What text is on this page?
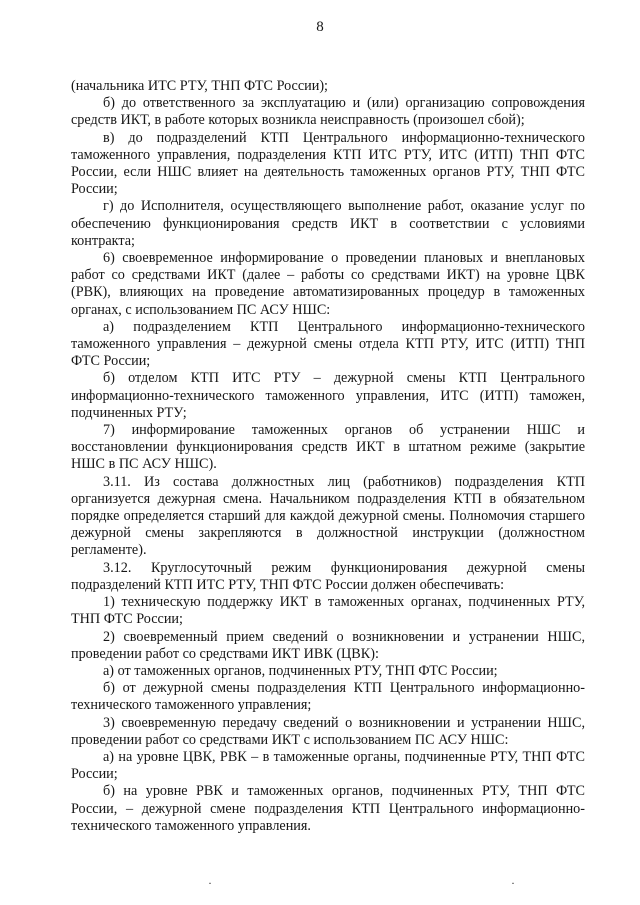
8

(начальника ИТС РТУ, ТНП ФТС России);

б) до ответственного за эксплуатацию и (или) организацию сопровождения средств ИКТ, в работе которых возникла неисправность (произошел сбой);

в) до подразделений КТП Центрального информационно-технического таможенного управления, подразделения КТП ИТС РТУ, ИТС (ИТП) ТНП ФТС России, если НШС влияет на деятельность таможенных органов РТУ, ТНП ФТС России;

г) до Исполнителя, осуществляющего выполнение работ, оказание услуг по обеспечению функционирования средств ИКТ в соответствии с условиями контракта;

6) своевременное информирование о проведении плановых и внеплановых работ со средствами ИКТ (далее – работы со средствами ИКТ) на уровне ЦВК (РВК), влияющих на проведение автоматизированных процедур в таможенных органах, с использованием ПС АСУ НШС:

а) подразделением КТП Центрального информационно-технического таможенного управления – дежурной смены отдела КТП РТУ, ИТС (ИТП) ТНП ФТС России;

б) отделом КТП ИТС РТУ – дежурной смены КТП Центрального информационно-технического таможенного управления, ИТС (ИТП) таможен, подчиненных РТУ;

7) информирование таможенных органов об устранении НШС и восстановлении функционирования средств ИКТ в штатном режиме (закрытие НШС в ПС АСУ НШС).

3.11. Из состава должностных лиц (работников) подразделения КТП организуется дежурная смена. Начальником подразделения КТП в обязательном порядке определяется старший для каждой дежурной смены. Полномочия старшего дежурной смены закрепляются в должностной инструкции (должностном регламенте).

3.12. Круглосуточный режим функционирования дежурной смены подразделений КТП ИТС РТУ, ТНП ФТС России должен обеспечивать:

1) техническую поддержку ИКТ в таможенных органах, подчиненных РТУ, ТНП ФТС России;

2) своевременный прием сведений о возникновении и устранении НШС, проведении работ со средствами ИКТ ИВК (ЦВК):

а) от таможенных органов, подчиненных РТУ, ТНП ФТС России;

б) от дежурной смены подразделения КТП Центрального информационно-технического таможенного управления;

3) своевременную передачу сведений о возникновении и устранении НШС, проведении работ со средствами ИКТ с использованием ПС АСУ НШС:

а) на уровне ЦВК, РВК – в таможенные органы, подчиненные РТУ, ТНП ФТС России;

б) на уровне РВК и таможенных органов, подчиненных РТУ, ТНП ФТС России, – дежурной смене подразделения КТП Центрального информационно-технического таможенного управления.

·	·
